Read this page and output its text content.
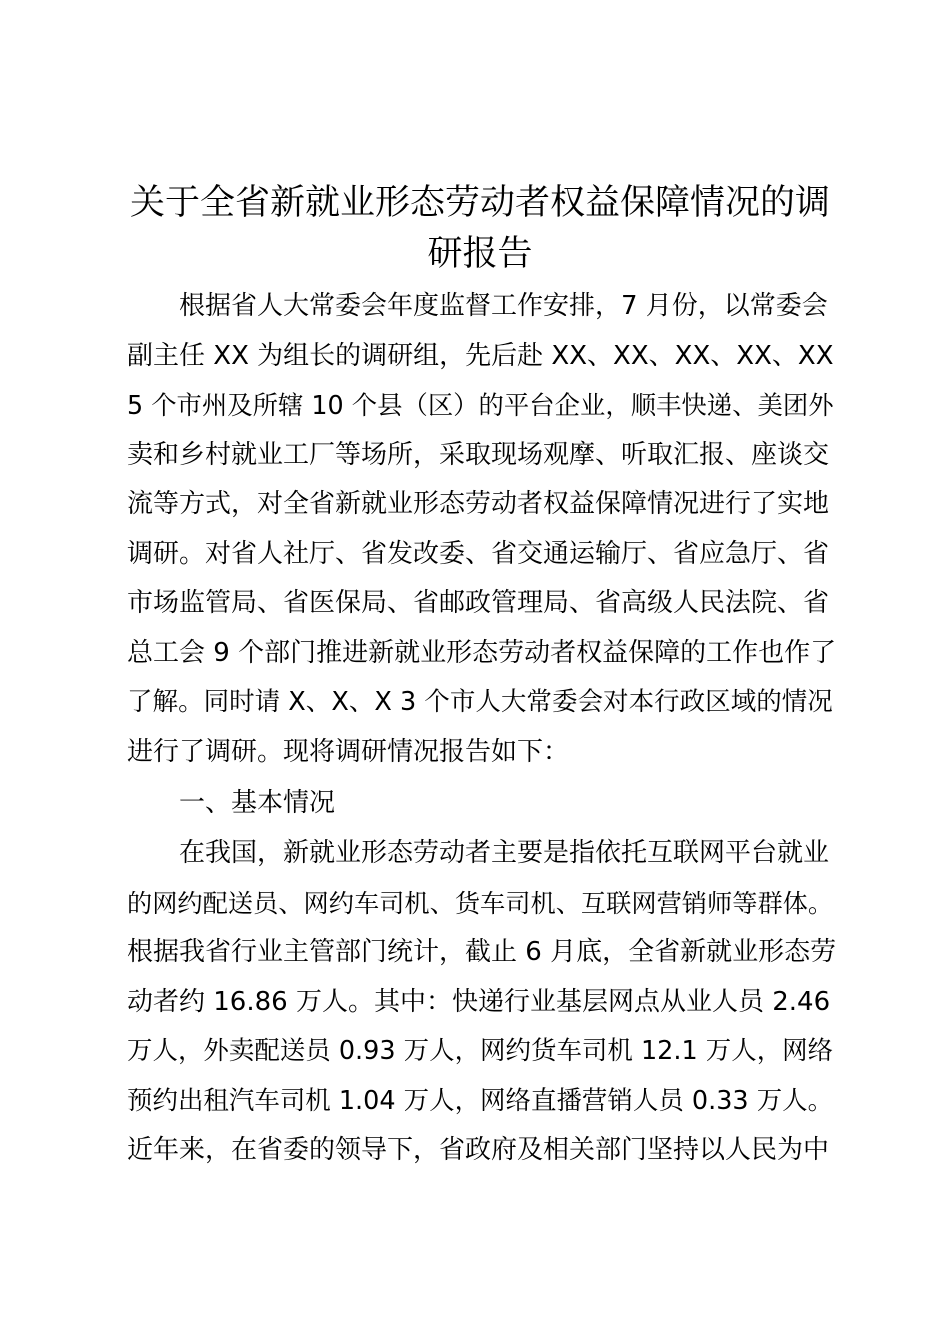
关于全省新就业形态劳动者权益保障情况的调
研报告
根据省人大常委会年度监督工作安排，7 月份，以常委会
副主任 XX 为组长的调研组，先后赴 XX、XX、XX、XX、XX
5 个市州及所辖 10 个县（区）的平台企业，顺丰快递、美团外
卖和乡村就业工厂等场所，采取现场观摩、听取汇报、座谈交
流等方式，对全省新就业形态劳动者权益保障情况进行了实地
调研。对省人社厅、省发改委、省交通运输厅、省应急厅、省
市场监管局、省医保局、省邮政管理局、省高级人民法院、省
总工会 9 个部门推进新就业形态劳动者权益保障的工作也作了
了解。同时请 X、X、X 3 个市人大常委会对本行政区域的情况
进行了调研。现将调研情况报告如下：
一、基本情况
在我国，新就业形态劳动者主要是指依托互联网平台就业
的网约配送员、网约车司机、货车司机、互联网营销师等群体。
根据我省行业主管部门统计，截止 6 月底，全省新就业形态劳
动者约 16.86 万人。其中：快递行业基层网点从业人员 2.46
万人，外卖配送员 0.93 万人，网约货车司机 12.1 万人，网络
预约出租汽车司机 1.04 万人，网络直播营销人员 0.33 万人。
近年来，在省委的领导下，省政府及相关部门坚持以人民为中
